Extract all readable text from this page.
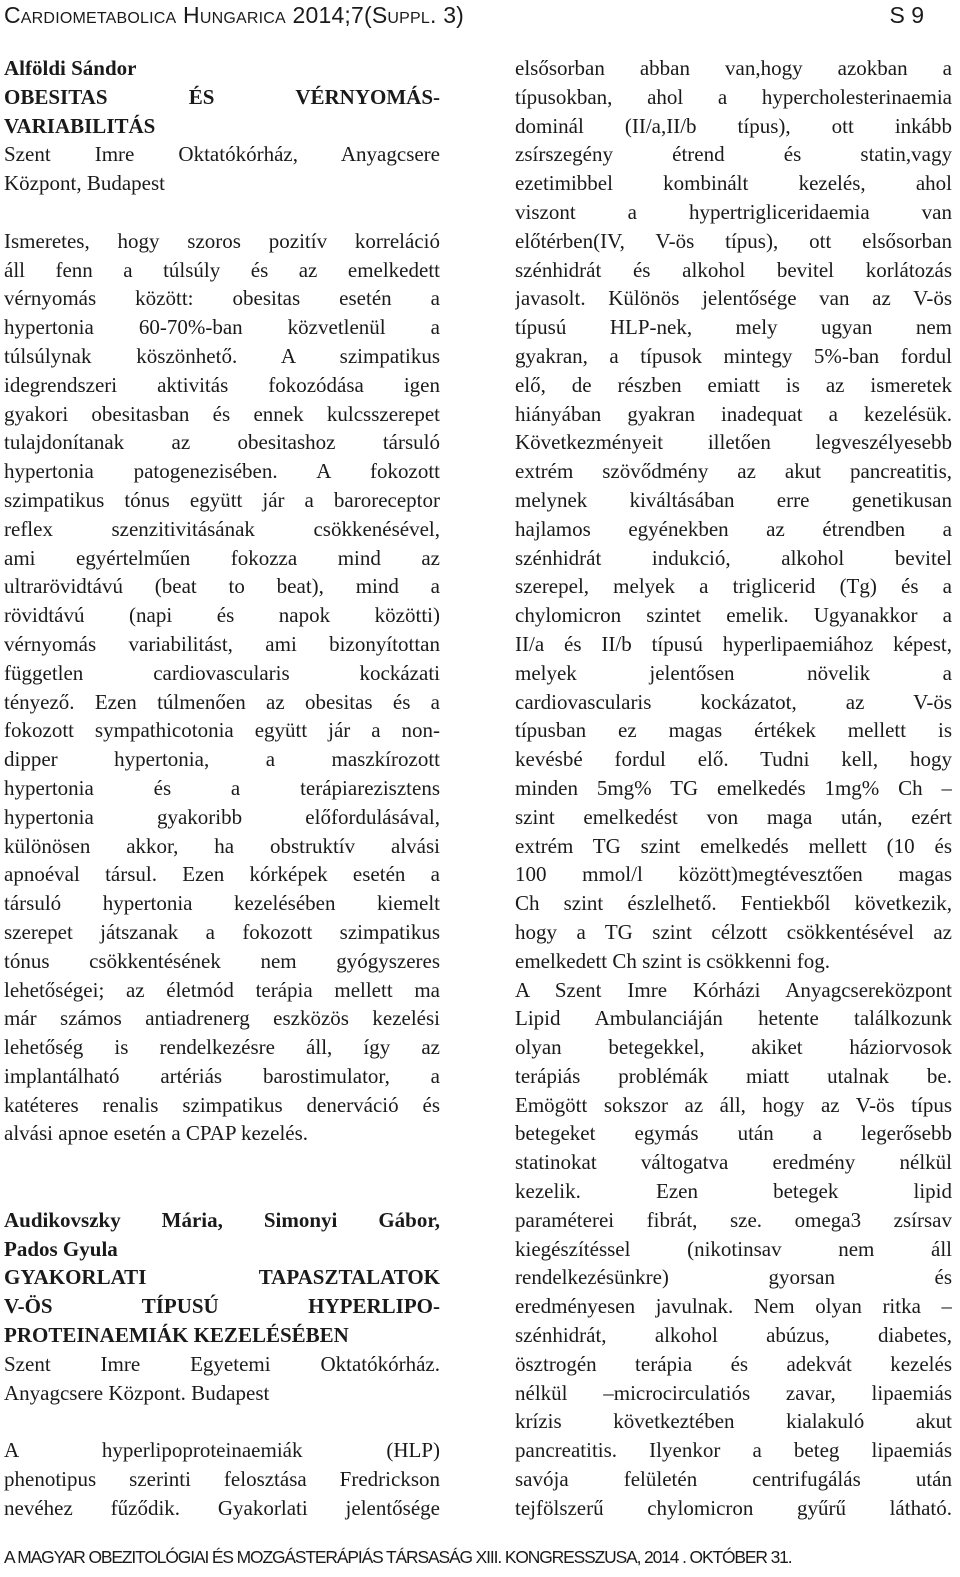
Cardiometabolica Hungarica 2014;7(Suppl. 3)	S 9
Alföldi Sándor
OBESITAS ÉS VÉRNYOMÁS-
VARIABILITÁS
Szent Imre Oktatókórház, Anyagcsere
Központ, Budapest
Ismeretes, hogy szoros pozitív korreláció
áll fenn a túlsúly és az emelkedett
vérnyomás között: obesitas esetén a
hypertonia 60-70%-ban közvetlenül a
túlsúlynak köszönhető. A szimpatikus
idegrendszeri aktivitás fokozódása igen
gyakori obesitasban és ennek kulcsszerepet
tulajdonítanak az obesitashoz társuló
hypertonia patogenezisében. A fokozott
szimpatikus tónus együtt jár a baroreceptor
reflex szenzitivitásának csökkenésével,
ami egyértelműen fokozza mind az
ultrarövidtávú (beat to beat), mind a
rövidtávú (napi és napok közötti)
vérnyomás variabilitást, ami bizonyítottan
független cardiovascularis kockázati
tényező. Ezen túlmenően az obesitas és a
fokozott sympathicotonia együtt jár a non-
dipper hypertonia, a maszkírozott
hypertonia és a terápiarezisztens
hypertonia gyakoribb előfordulásával,
különösen akkor, ha obstruktív alvási
apnoéval társul. Ezen kórképek esetén a
társuló hypertonia kezelésében kiemelt
szerepet játszanak a fokozott szimpatikus
tónus csökkentésének nem gyógyszeres
lehetőségei; az életmód terápia mellett ma
már számos antiadrenerg eszközös kezelési
lehetőség is rendelkezésre áll, így az
implantálható artériás barostimulator, a
katéteres renalis szimpatikus denerváció és
alvási apnoe esetén a CPAP kezelés.
Audikovszky Mária, Simonyi Gábor,
Pados Gyula
GYAKORLATI TAPASZTALATOK
V-ÖS TÍPUSÚ HYPERLIPO-
PROTEINAEMIÁK KEZELÉSÉBEN
Szent Imre Egyetemi Oktatókórház.
Anyagcsere Központ. Budapest
A hyperlipoproteinaemiák (HLP)
phenotipus szerinti felosztása Fredrickson
nevéhez fűződik. Gyakorlati jelentősége
elsősorban abban van,hogy azokban a
típusokban, ahol a hypercholesterinaemia
dominál (II/a,II/b típus), ott inkább
zsírszegény étrend és statin,vagy
ezetimibbel kombinált kezelés, ahol
viszont a hypertrigliceridaemia van
előtérben(IV, V-ös típus), ott elsősorban
szénhidrát és alkohol bevitel korlátozás
javasolt. Különös jelentősége van az V-ös
típusú HLP-nek, mely ugyan nem
gyakran, a típusok mintegy 5%-ban fordul
elő, de részben emiatt is az ismeretek
hiányában gyakran inadequat a kezelésük.
Következményeit illetően legveszélyesebb
extrém szövődmény az akut pancreatitis,
melynek kiváltásában erre genetikusan
hajlamos egyénekben az étrendben a
szénhidrát indukció, alkohol bevitel
szerepel, melyek a triglicerid (Tg) és a
chylomicron szintet emelik. Ugyanakkor a
II/a és II/b típusú hyperlipaemiához képest,
melyek jelentősen növelik a
cardiovascularis kockázatot, az V-ös
típusban ez magas értékek mellett is
kevésbé fordul elő. Tudni kell, hogy
minden 5mg% TG emelkedés 1mg% Ch –
szint emelkedést von maga után, ezért
extrém TG szint emelkedés mellett (10 és
100 mmol/l között)megtévesztően magas
Ch szint észlelhető. Fentiekből következik,
hogy a TG szint célzott csökkentésével az
emelkedett Ch szint is csökkenni fog.
A Szent Imre Kórházi Anyagcsereközpont
Lipid Ambulanciáján hetente találkozunk
olyan betegekkel, akiket háziorvosok
terápiás problémák miatt utalnak be.
Emögött sokszor az áll, hogy az V-ös típus
betegeket egymás után a legerősebb
statinokat váltogatva eredmény nélkül
kezelik. Ezen betegek lipid
paraméterei fibrát, sze. omega3 zsírsav
kiegészítéssel (nikotinsav nem áll
rendelkezésünkre) gyorsan és
eredményesen javulnak. Nem olyan ritka –
szénhidrát, alkohol abúzus, diabetes,
ösztrogén terápia és adekvát kezelés
nélkül –microcirculatiós zavar, lipaemiás
krízis következtében kialakuló akut
pancreatitis. Ilyenkor a beteg lipaemiás
savója felületén centrifugálás után
tejfölszerű chylomicron gyűrű látható.
A MAGYAR OBEZITOLÓGIAI ÉS MOZGÁSTERÁPIÁS TÁRSASÁG XIII. KONGRESSZUSA, 2014 . OKTÓBER 31.
